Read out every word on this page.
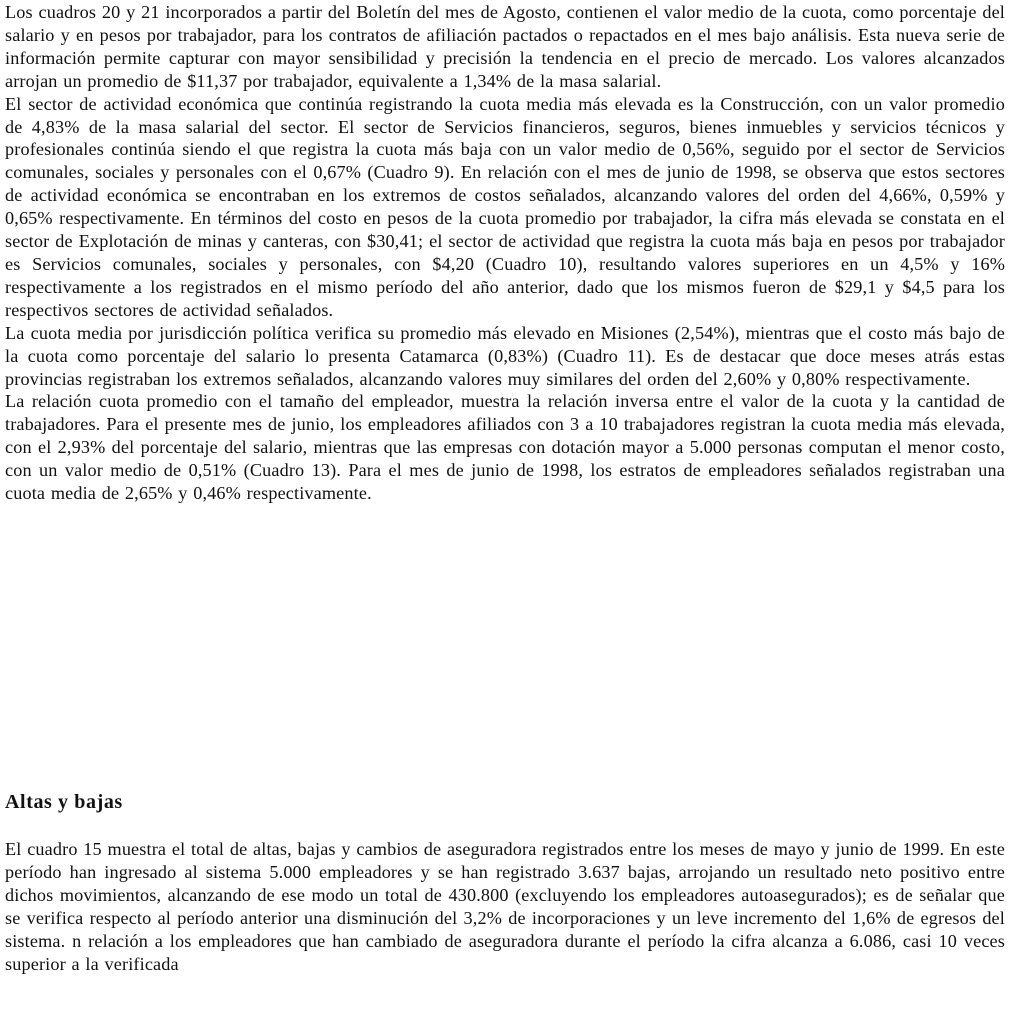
Los cuadros 20 y 21 incorporados a partir del Boletín del mes de Agosto, contienen el valor medio de la cuota, como porcentaje del salario y en pesos por trabajador, para los contratos de afiliación pactados o repactados en el mes bajo análisis. Esta nueva serie de información permite capturar con mayor sensibilidad y precisión la tendencia en el precio de mercado. Los valores alcanzados arrojan un promedio de $11,37 por trabajador, equivalente a 1,34% de la masa salarial.

El sector de actividad económica que continúa registrando la cuota media más elevada es la Construcción, con un valor promedio de 4,83% de la masa salarial del sector. El sector de Servicios financieros, seguros, bienes inmuebles y servicios técnicos y profesionales continúa siendo el que registra la cuota más baja con un valor medio de 0,56%, seguido por el sector de Servicios comunales, sociales y personales con el 0,67% (Cuadro 9). En relación con el mes de junio de 1998, se observa que estos sectores de actividad económica se encontraban en los extremos de costos señalados, alcanzando valores del orden del 4,66%, 0,59% y 0,65% respectivamente. En términos del costo en pesos de la cuota promedio por trabajador, la cifra más elevada se constata en el sector de Explotación de minas y canteras, con $30,41; el sector de actividad que registra la cuota más baja en pesos por trabajador es Servicios comunales, sociales y personales, con $4,20 (Cuadro 10), resultando valores superiores en un 4,5% y 16% respectivamente a los registrados en el mismo período del año anterior, dado que los mismos fueron de $29,1 y $4,5 para los respectivos sectores de actividad señalados.

La cuota media por jurisdicción política verifica su promedio más elevado en Misiones (2,54%), mientras que el costo más bajo de la cuota como porcentaje del salario lo presenta Catamarca (0,83%) (Cuadro 11). Es de destacar que doce meses atrás estas provincias registraban los extremos señalados, alcanzando valores muy similares del orden del 2,60% y 0,80% respectivamente.

La relación cuota promedio con el tamaño del empleador, muestra la relación inversa entre el valor de la cuota y la cantidad de trabajadores. Para el presente mes de junio, los empleadores afiliados con 3 a 10 trabajadores registran la cuota media más elevada, con el 2,93% del porcentaje del salario, mientras que las empresas con dotación mayor a 5.000 personas computan el menor costo, con un valor medio de 0,51% (Cuadro 13). Para el mes de junio de 1998, los estratos de empleadores señalados registraban una cuota media de 2,65% y 0,46% respectivamente.

Altas y bajas

El cuadro 15 muestra el total de altas, bajas y cambios de aseguradora registrados entre los meses de mayo y junio de 1999. En este período han ingresado al sistema 5.000 empleadores y se han registrado 3.637 bajas, arrojando un resultado neto positivo entre dichos movimientos, alcanzando de ese modo un total de 430.800 (excluyendo los empleadores autoasegurados); es de señalar que se verifica respecto al período anterior una disminución del 3,2% de incorporaciones y un leve incremento del 1,6% de egresos del sistema. n relación a los empleadores que han cambiado de aseguradora durante el período la cifra alcanza a 6.086, casi 10 veces superior a la verificada
